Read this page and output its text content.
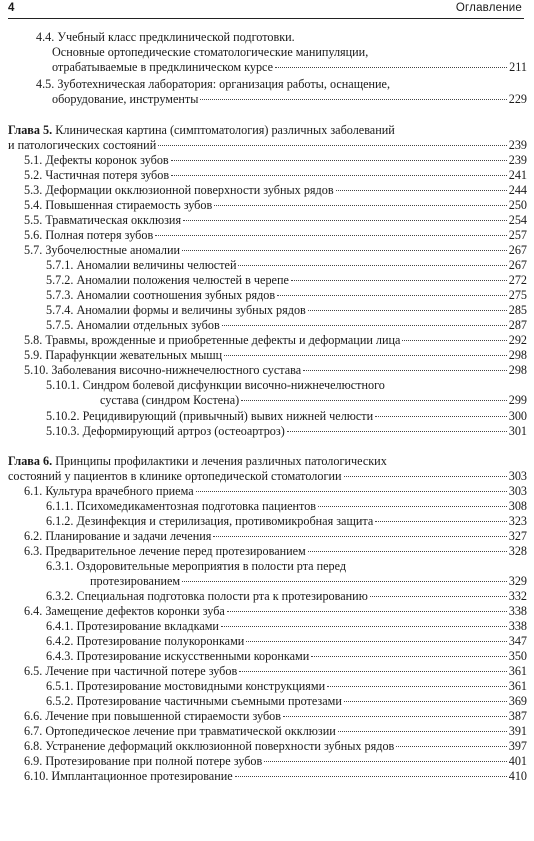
4	Оглавление
4.4. Учебный класс предклинической подготовки.
Основные ортопедические стоматологические манипуляции,
отрабатываемые в предклиническом курсе	211
4.5. Зуботехническая лаборатория: организация работы, оснащение,
оборудование, инструменты	229
Глава 5. Клиническая картина (симптоматология) различных заболеваний
и патологических состояний	239
5.1. Дефекты коронок зубов	239
5.2. Частичная потеря зубов	241
5.3. Деформации окклюзионной поверхности зубных рядов	244
5.4. Повышенная стираемость зубов	250
5.5. Травматическая окклюзия	254
5.6. Полная потеря зубов	257
5.7. Зубочелюстные аномалии	267
5.7.1. Аномалии величины челюстей	267
5.7.2. Аномалии положения челюстей в черепе	272
5.7.3. Аномалии соотношения зубных рядов	275
5.7.4. Аномалии формы и величины зубных рядов	285
5.7.5. Аномалии отдельных зубов	287
5.8. Травмы, врожденные и приобретенные дефекты и деформации лица	292
5.9. Парафункции жевательных мышц	298
5.10. Заболевания височно-нижнечелюстного сустава	298
5.10.1. Синдром болевой дисфункции височно-нижнечелюстного
сустава (синдром Костена)	299
5.10.2. Рецидивирующий (привычный) вывих нижней челюсти	300
5.10.3. Деформирующий артроз (остеоартроз)	301
Глава 6. Принципы профилактики и лечения различных патологических
состояний у пациентов в клинике ортопедической стоматологии	303
6.1. Культура врачебного приема	303
6.1.1. Психомедикаментозная подготовка пациентов	308
6.1.2. Дезинфекция и стерилизация, противомикробная защита	323
6.2. Планирование и задачи лечения	327
6.3. Предварительное лечение перед протезированием	328
6.3.1. Оздоровительные мероприятия в полости рта перед
протезированием	329
6.3.2. Специальная подготовка полости рта к протезированию	332
6.4. Замещение дефектов коронки зуба	338
6.4.1. Протезирование вкладками	338
6.4.2. Протезирование полукоронками	347
6.4.3. Протезирование искусственными коронками	350
6.5. Лечение при частичной потере зубов	361
6.5.1. Протезирование мостовидными конструкциями	361
6.5.2. Протезирование частичными съемными протезами	369
6.6. Лечение при повышенной стираемости зубов	387
6.7. Ортопедическое лечение при травматической окклюзии	391
6.8. Устранение деформаций окклюзионной поверхности зубных рядов	397
6.9. Протезирование при полной потере зубов	401
6.10. Имплантационное протезирование	410
